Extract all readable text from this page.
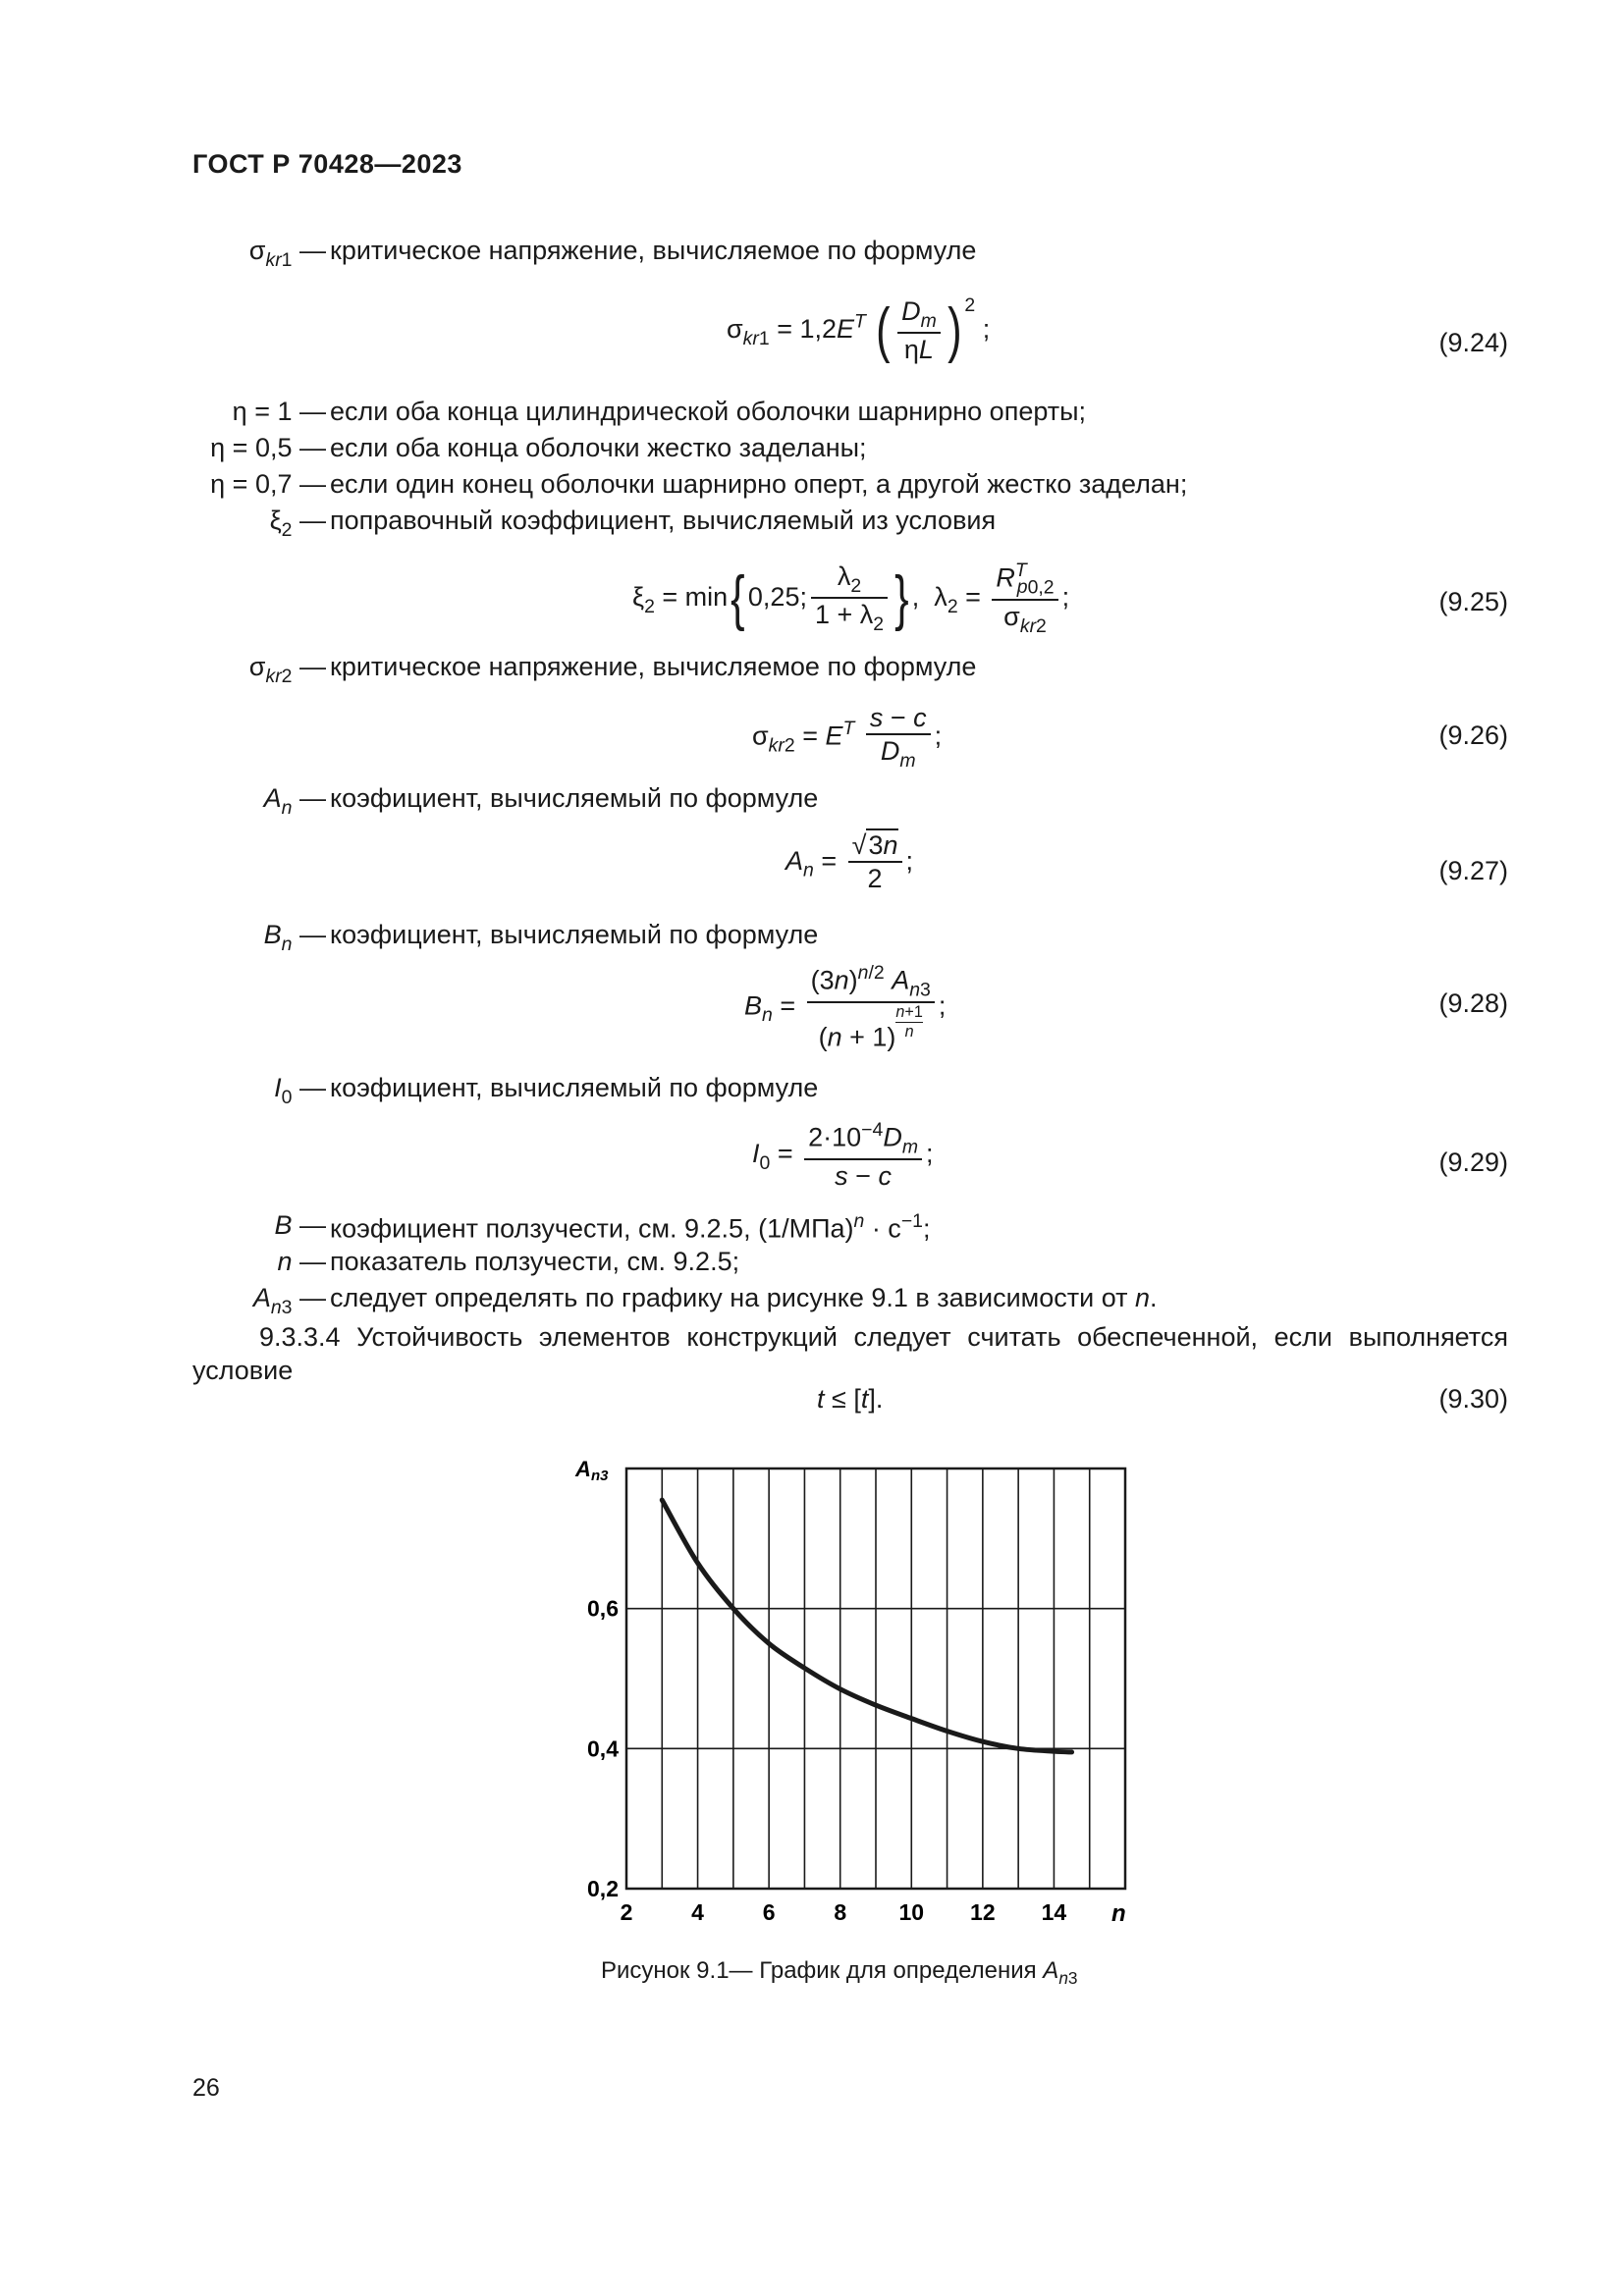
ГОСТ Р 70428—2023
$\sigma_{kr1}$ — критическое напряжение, вычисляемое по формуле
$\sigma_{kr1} = 1,2E^T$ ( $\frac{D_m}{\eta L}$ ) $^2$ ;	(9.24)
η = 1 — если оба конца цилиндрической оболочки шарнирно оперты;
η = 0,5 — если оба конца оболочки жестко заделаны;
η = 0,7 — если один конец оболочки шарнирно оперт, а другой жестко заделан;
$\xi_2$ — поправочный коэффициент, вычисляемый из условия
$\xi_2 = \min${ 0,25; $\frac{\lambda_2}{1 + \lambda_2}$ } ,  $\lambda_2 = \frac{R^T_{p0,2}}{\sigma_{kr2}}$ ;	(9.25)
$\sigma_{kr2}$ — критическое напряжение, вычисляемое по формуле
$\sigma_{kr2} = E^T \frac{s - c}{D_m}$ ;	(9.26)
$A_n$ — коэфициент, вычисляемый по формуле
$A_n = \frac{√3n}{2}$ ;	(9.27)
$B_n$ — коэфициент, вычисляемый по формуле
$B_n = (3n)^{n/2}$ $A_{n3}$
(n + 1) $^{\frac{n+1}{n}}$ ;	(9.28)
$I_0$ — коэфициент, вычисляемый по формуле
$I_0 = \frac{2\cdot 10^{-4}D_m}{s - c}$ ;	(9.29)
B — коэфициент ползучести, см. 9.2.5, $(1/МПа)^n \cdot c^{-1}$;
n — показатель ползучести, см. 9.2.5;
$A_{n3}$ — следует определять по графику на рисунке 9.1 в зависимости от n.
9.3.3.4 Устойчивость элементов конструкций следует считать обеспеченной, если выполняется условие
t ≤ [t].	(9.30)
2	4	6	8 10 12 14
0,2
0,4
0,6
A n3
n
Рисунок 9.1— График для определения $A_{n3}$
26
